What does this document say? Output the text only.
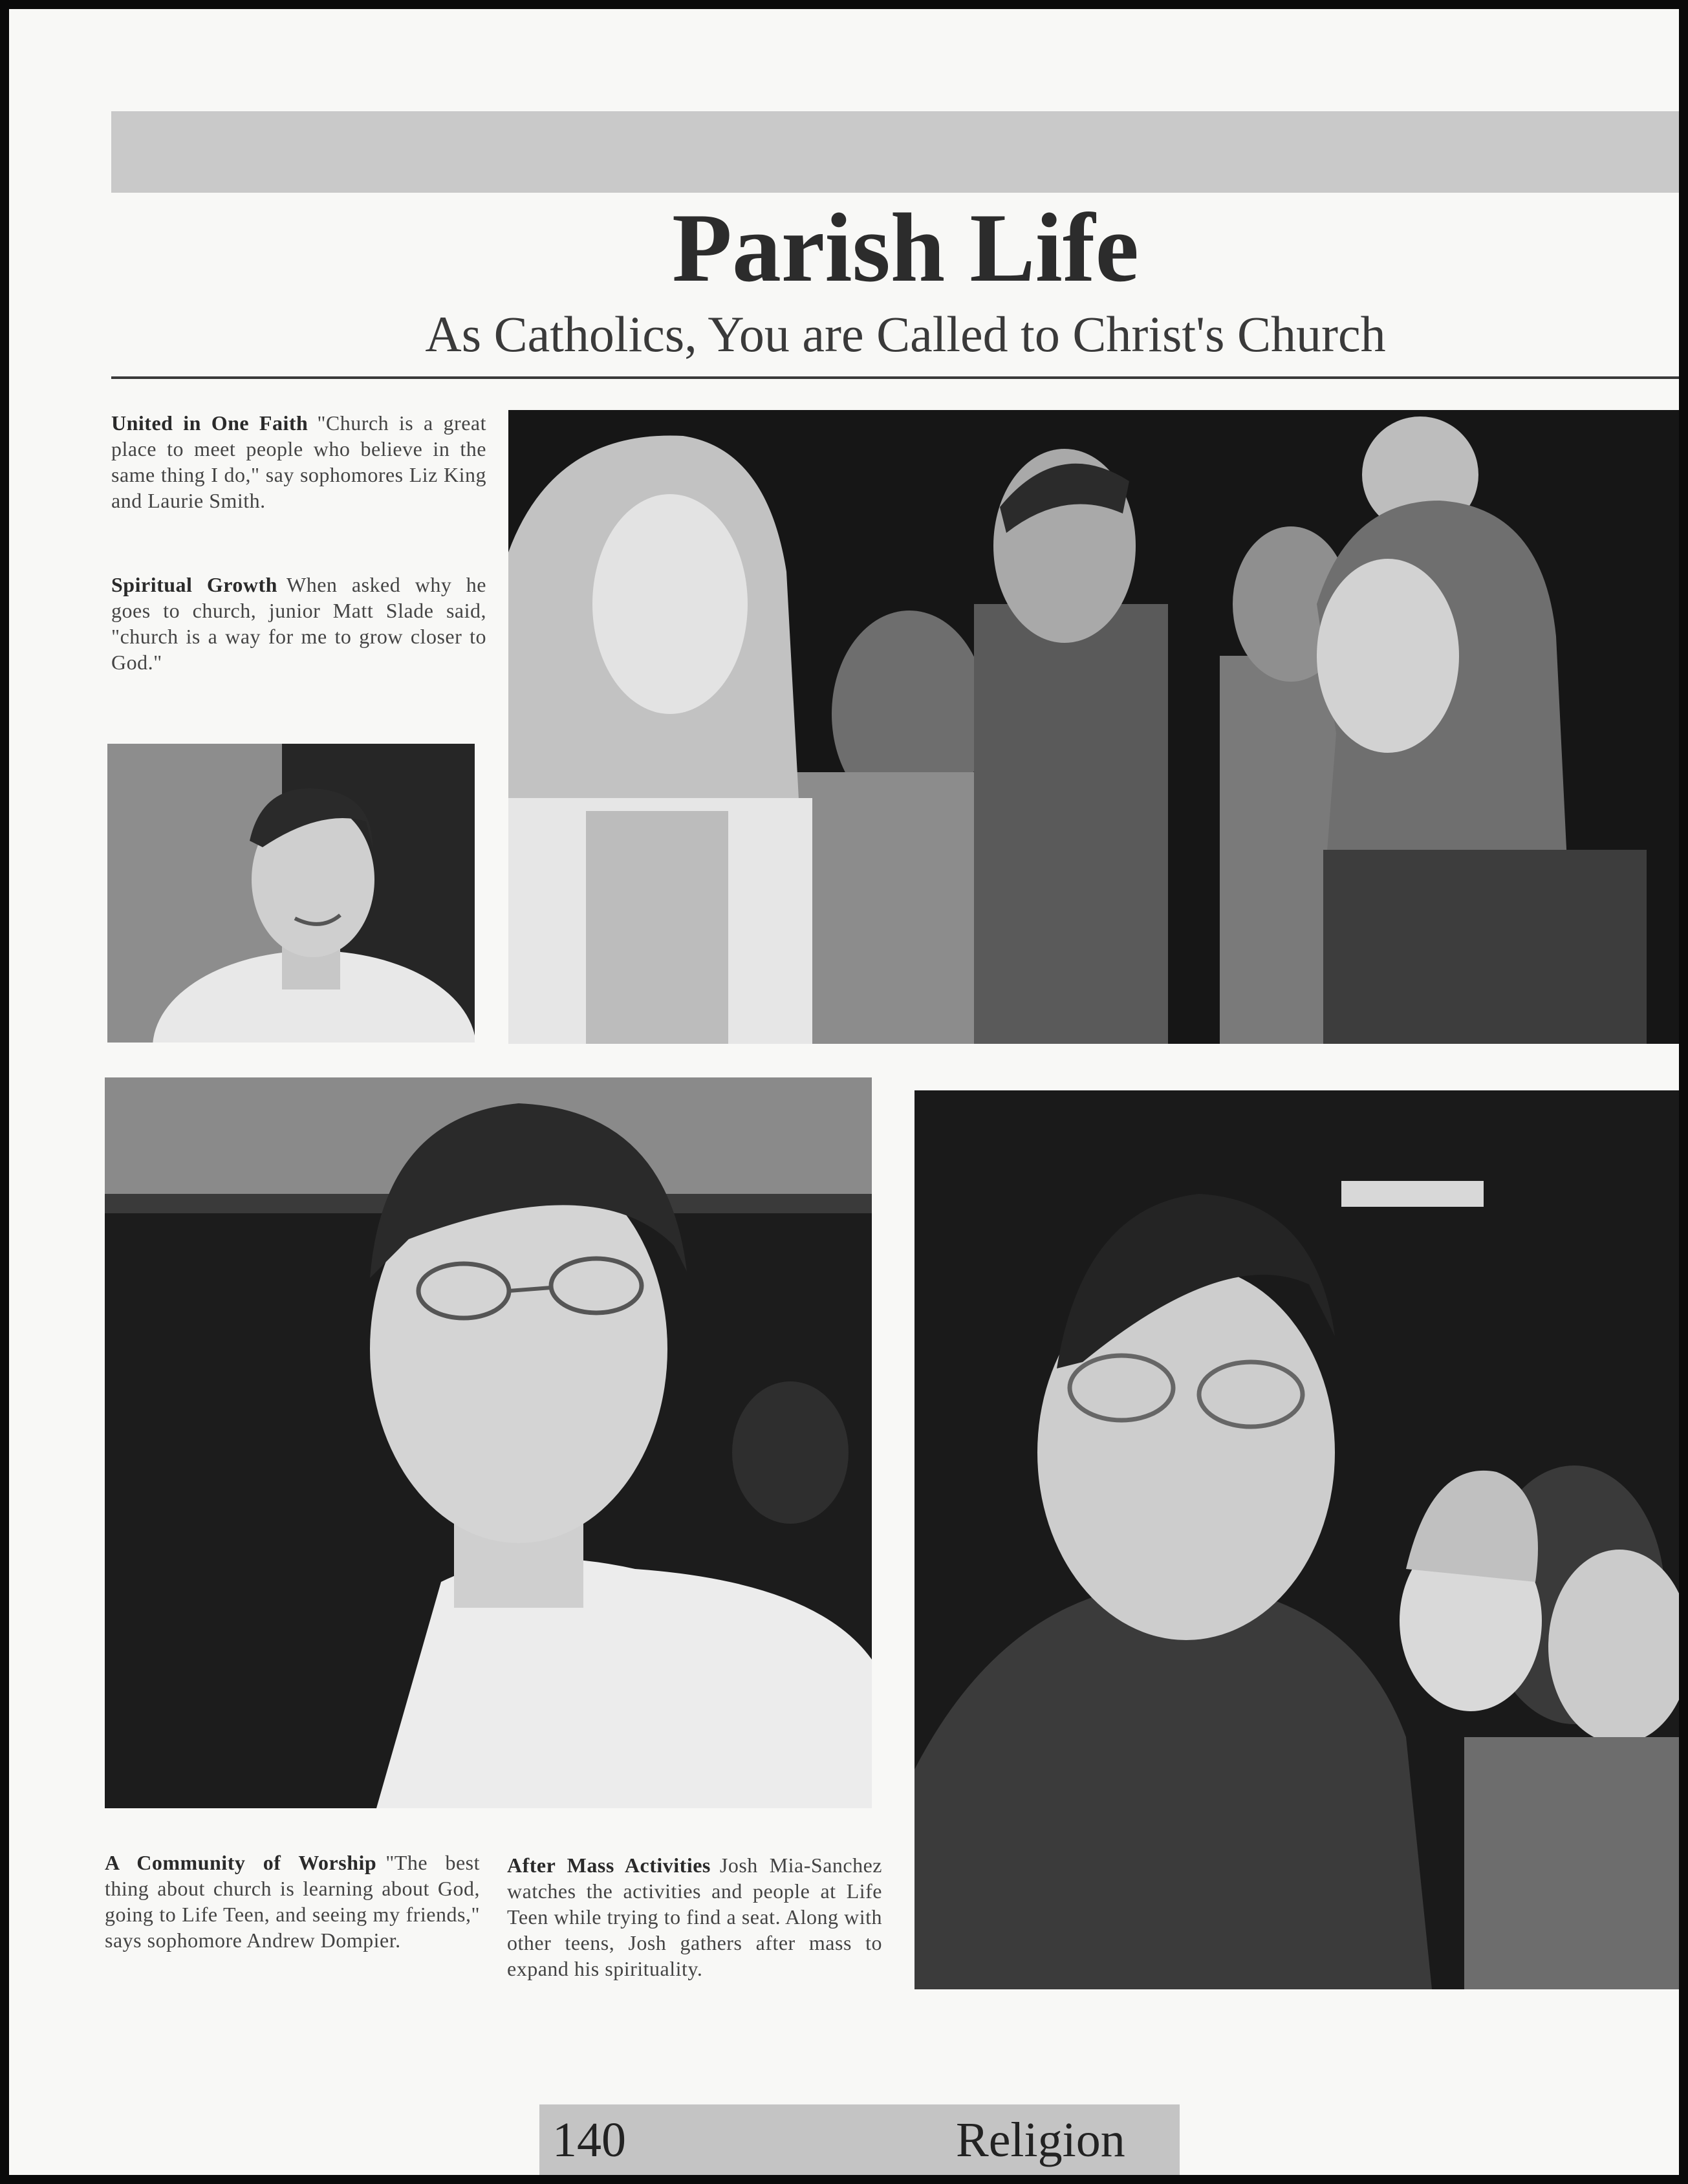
Parish Life
As Catholics, You are Called to Christ's Church
United in One Faith "Church is a great place to meet people who believe in the same thing I do," say sophomores Liz King and Laurie Smith.
Spiritual Growth When asked why he goes to church, junior Matt Slade said, "church is a way for me to grow closer to God."
A Community of Worship "The best thing about church is learning about God, going to Life Teen, and seeing my friends," says sophomore Andrew Dompier.
After Mass Activities Josh Mia-Sanchez watches the activities and people at Life Teen while trying to find a seat. Along with other teens, Josh gathers after mass to expand his spirituality.
140	Religion
